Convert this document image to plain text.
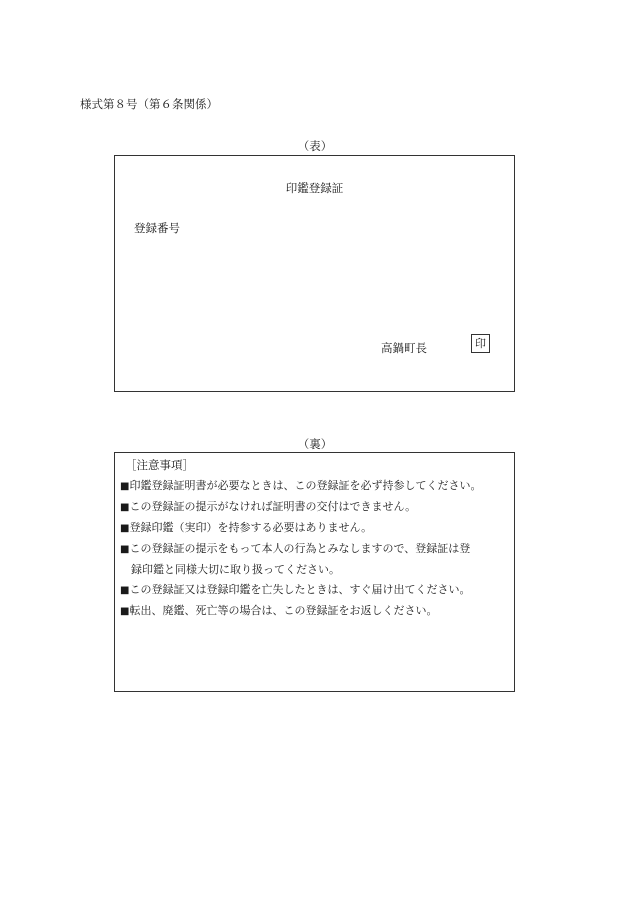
様式第８号（第６条関係）
（表）
印鑑登録証
登録番号
高鍋町長	印
（裏）
［注意事項］
■印鑑登録証明書が必要なときは、この登録証を必ず持参してください。
■この登録証の提示がなければ証明書の交付はできません。
■登録印鑑（実印）を持参する必要はありません。
■この登録証の提示をもって本人の行為とみなしますので、登録証は登
録印鑑と同様大切に取り扱ってください。
■この登録証又は登録印鑑を亡失したときは、すぐ届け出てください。
■転出、廃鑑、死亡等の場合は、この登録証をお返しください。
